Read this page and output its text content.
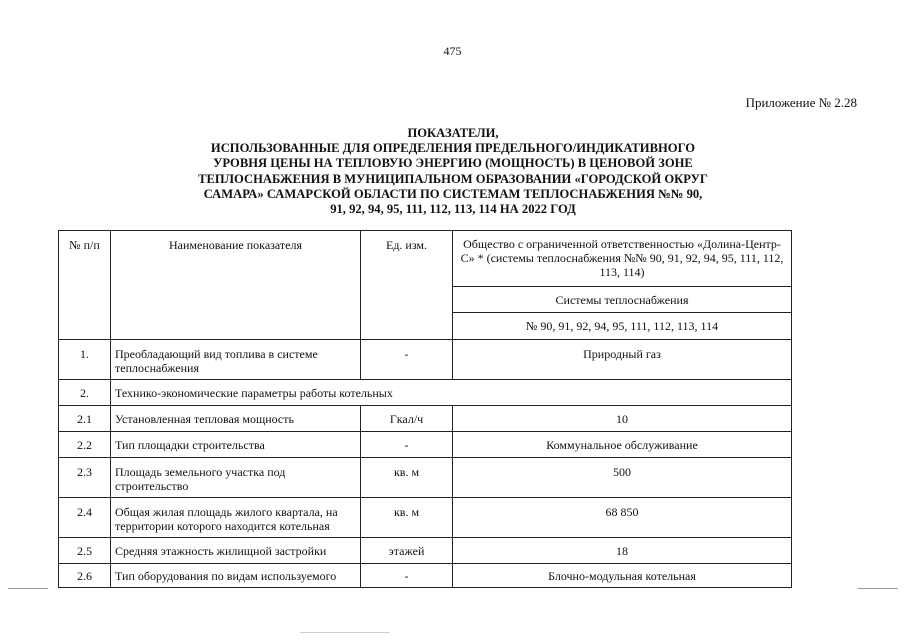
475
Приложение № 2.28
ПОКАЗАТЕЛИ,
ИСПОЛЬЗОВАННЫЕ ДЛЯ ОПРЕДЕЛЕНИЯ ПРЕДЕЛЬНОГО/ИНДИКАТИВНОГО
УРОВНЯ ЦЕНЫ НА ТЕПЛОВУЮ ЭНЕРГИЮ (МОЩНОСТЬ) В ЦЕНОВОЙ ЗОНЕ
ТЕПЛОСНАБЖЕНИЯ В МУНИЦИПАЛЬНОМ ОБРАЗОВАНИИ «ГОРОДСКОЙ ОКРУГ
САМАРА» САМАРСКОЙ ОБЛАСТИ ПО СИСТЕМАМ ТЕПЛОСНАБЖЕНИЯ №№ 90,
91, 92, 94, 95, 111, 112, 113, 114 НА 2022 ГОД
№ п/п	Наименование показателя	Ед. изм.	Общество с ограниченной ответственностью «Долина-Центр-С» * (системы теплоснабжения №№ 90, 91, 92, 94, 95, 111, 112, 113, 114)
			Системы теплоснабжения
			№ 90, 91, 92, 94, 95, 111, 112, 113, 114
1.	Преобладающий вид топлива в системе теплоснабжения	-	Природный газ
2.	Технико-экономические параметры работы котельных		
2.1	Установленная тепловая мощность	Гкал/ч	10
2.2	Тип площадки строительства	-	Коммунальное обслуживание
2.3	Площадь земельного участка под строительство	кв. м	500
2.4	Общая жилая площадь жилого квартала, на территории которого находится котельная	кв. м	68 850
2.5	Средняя этажность жилищной застройки	этажей	18
2.6	Тип оборудования по видам используемого	-	Блочно-модульная котельная
